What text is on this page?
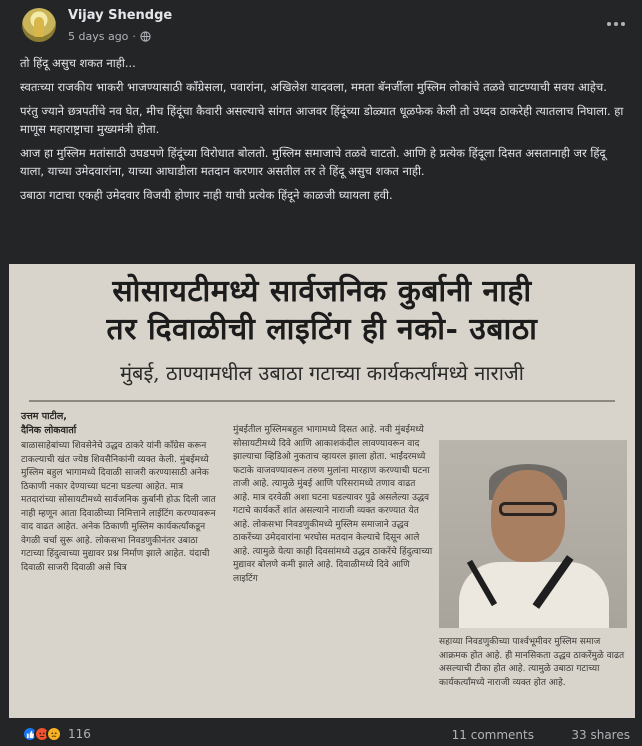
Vijay Shendge
5 days ago ·

तो हिंदू असुच शकत नाही...

स्वतःच्या राजकीय भाकरी भाजण्यासाठी काँग्रेसला, पवारांना, अखिलेश यादवला, ममता बॅनर्जीला मुस्लिम लोकांचे तळवे चाटण्याची सवय आहेच.

परंतु ज्याने छत्रपतींचे नव घेत, मीच हिंदूंचा कैवारी असल्याचे सांगत आजवर हिंदूंच्या डोळ्यात धूळफेक केली तो उध्दव ठाकरेही त्यातलाच निघाला. हा माणूस महाराष्ट्राचा मुख्यमंत्री होता.

आज हा मुस्लिम मतांसाठी उघडपणे हिंदूंच्या विरोधात बोलतो. मुस्लिम समाजाचे तळवे चाटतो. आणि हे प्रत्येक हिंदूला दिसत असतानाही जर हिंदू याला, याच्या उमेदवारांना, याच्या आघाडीला मतदान करणार असतील तर ते हिंदू असुच शकत नाही.

उबाठा गटाचा एकही उमेदवार विजयी होणार नाही याची प्रत्येक हिंदूने काळजी घ्यायला हवी.

सोसायटीमध्ये सार्वजनिक कुर्बानी नाही
तर दिवाळीची लाइटिंग ही नको- उबाठा
मुंबई, ठाण्यामधील उबाठा गटाच्या कार्यकर्त्यांमध्ये नाराजी
उत्तम पाटील,
दैनिक लोकवार्ता
बाळासाहेबांच्या शिवसेनेचे उद्धव ठाकरे यांनी काँग्रेस करून टाकल्याची खंत ज्येष्ठ शिवसैनिकांनी व्यक्त केली. मुंबईमध्ये मुस्लिम बहुल भागामध्ये दिवाळी साजरी करण्यासाठी अनेक ठिकाणी नकार देण्याच्या घटना घडल्या आहेत. मात्र मतदारांच्या सोसायटीमध्ये सार्वजनिक कुर्बानी होऊ दिली जात नाही म्हणून आता दिवाळीच्या निमित्ताने लाईटिंग करण्यावरून वाद वाढत आहेत. अनेक ठिकाणी मुस्लिम कार्यकर्त्यांकडून वेगळी चर्चा सुरू आहे. लोकसभा निवडणुकीनंतर उबाठा गटाच्या हिंदुत्वाच्या मुद्यावर प्रश्न निर्माण झाले आहेत. यंदाची दिवाळी साजरी दिवाळी असे चित्र
मुंबईतील मुस्लिमबहुल भागामध्ये दिसत आहे. नवी मुंबईमध्ये सोसायटीमध्ये दिवे आणि आकाशकंदील लावण्यावरून वाद झाल्याचा व्हिडिओ नुकताच व्हायरल झाला होता. भाईंदरमध्ये फटाके वाजवण्यावरून तरुण मुलांना मारहाण करण्याची घटना ताजी आहे. त्यामुळे मुंबई आणि परिसरामध्ये तणाव वाढत आहे. मात्र दरवेळी अशा घटना घडल्यावर पुढे असलेल्या उद्धव गटाचे कार्यकर्ते शांत असल्याने नाराजी व्यक्त करण्यात येत आहे. लोकसभा निवडणुकीमध्ये मुस्लिम समाजाने उद्धव ठाकरेंच्या उमेदवारांना भरघोस मतदान केल्याचे दिसून आले आहे. त्यामुळे येत्या काही दिवसांमध्ये उद्धव ठाकरेंचे हिंदुत्वाच्या मुद्यावर बोलणे कमी झाले आहे. दिवाळीमध्ये दिवे आणि लाइटिंग
सहाय्या निवडणुकीच्या पार्श्वभूमीवर मुस्लिम समाज आक्रमक होत आहे. ही मानसिकता उद्धव ठाकरेंमुळे वाढत असल्याची टीका होत आहे. त्यामुळे उबाठा गटाच्या कार्यकर्त्यांमध्ये नाराजी व्यक्त होत आहे.
116	11 comments	33 shares
